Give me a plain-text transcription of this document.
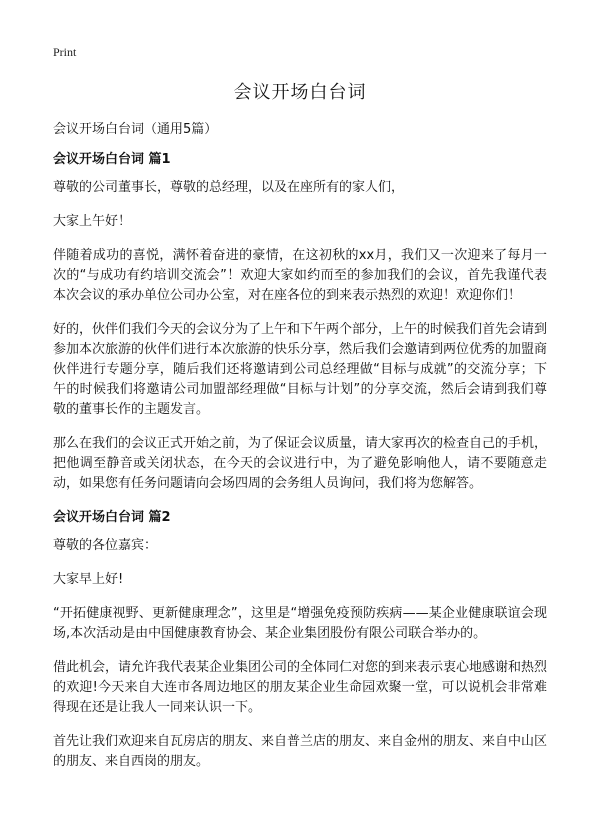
Print
会议开场白台词

会议开场白台词（通用5篇）

会议开场白台词 篇1

尊敬的公司董事长，尊敬的总经理，以及在座所有的家人们，

大家上午好！

伴随着成功的喜悦，满怀着奋进的豪情，在这初秋的xx月，我们又一次迎来了每月一次的“与成功有约培训交流会”！欢迎大家如约而至的参加我们的会议，首先我谨代表本次会议的承办单位公司办公室，对在座各位的到来表示热烈的欢迎！欢迎你们！

好的，伙伴们我们今天的会议分为了上午和下午两个部分，上午的时候我们首先会请到参加本次旅游的伙伴们进行本次旅游的快乐分享，然后我们会邀请到两位优秀的加盟商伙伴进行专题分享，随后我们还将邀请到公司总经理做“目标与成就”的交流分享；下午的时候我们将邀请公司加盟部经理做“目标与计划”的分享交流，然后会请到我们尊敬的董事长作的主题发言。

那么在我们的会议正式开始之前，为了保证会议质量，请大家再次的检查自己的手机，把他调至静音或关闭状态，在今天的会议进行中，为了避免影响他人，请不要随意走动，如果您有任务问题请向会场四周的会务组人员询问，我们将为您解答。

会议开场白台词 篇2

尊敬的各位嘉宾：

大家早上好!

“开拓健康视野、更新健康理念”，这里是“增强免疫预防疾病——某企业健康联谊会现场,本次活动是由中国健康教育协会、某企业集团股份有限公司联合举办的。

借此机会，请允许我代表某企业集团公司的全体同仁对您的到来表示衷心地感谢和热烈的欢迎!今天来自大连市各周边地区的朋友某企业生命园欢聚一堂，可以说机会非常难得现在还是让我人一同来认识一下。

首先让我们欢迎来自瓦房店的朋友、来自普兰店的朋友、来自金州的朋友、来自中山区的朋友、来自西岗的朋友。
